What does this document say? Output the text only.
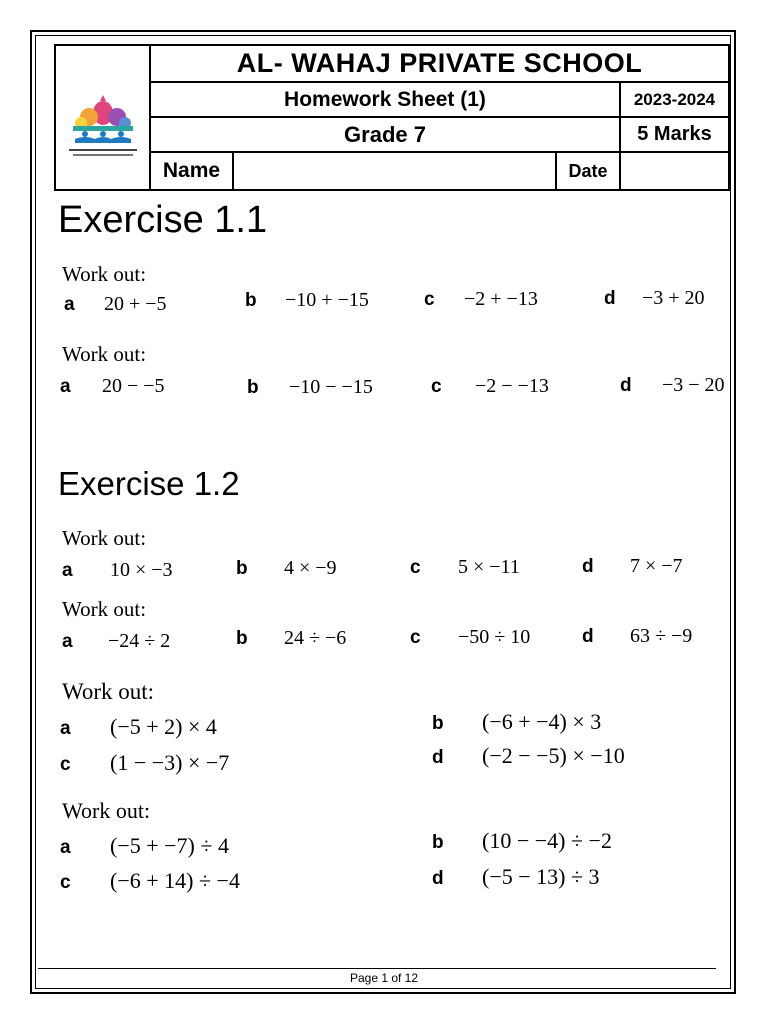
AL- WAHAJ PRIVATE SCHOOL
Homework Sheet (1)	2023-2024
Grade 7	5 Marks
Name	Date
Exercise 1.1
Work out:
a 20 + −5	b −10 + −15	c −2 + −13	d −3 + 20
Work out:
a 20 − −5	b −10 − −15	c −2 − −13	d −3 − 20
Exercise 1.2
Work out:
a 10 × −3	b 4 × −9	c 5 × −11	d 7 × −7
Work out:
a −24 ÷ 2	b 24 ÷ −6	c −50 ÷ 10	d 63 ÷ −9
Work out:
a (−5 + 2) × 4	b (−6 + −4) × 3
c (1 − −3) × −7	d (−2 − −5) × −10
Work out:
a (−5 + −7) ÷ 4	b (10 − −4) ÷ −2
c (−6 + 14) ÷ −4	d (−5 − 13) ÷ 3
Page 1 of 12
